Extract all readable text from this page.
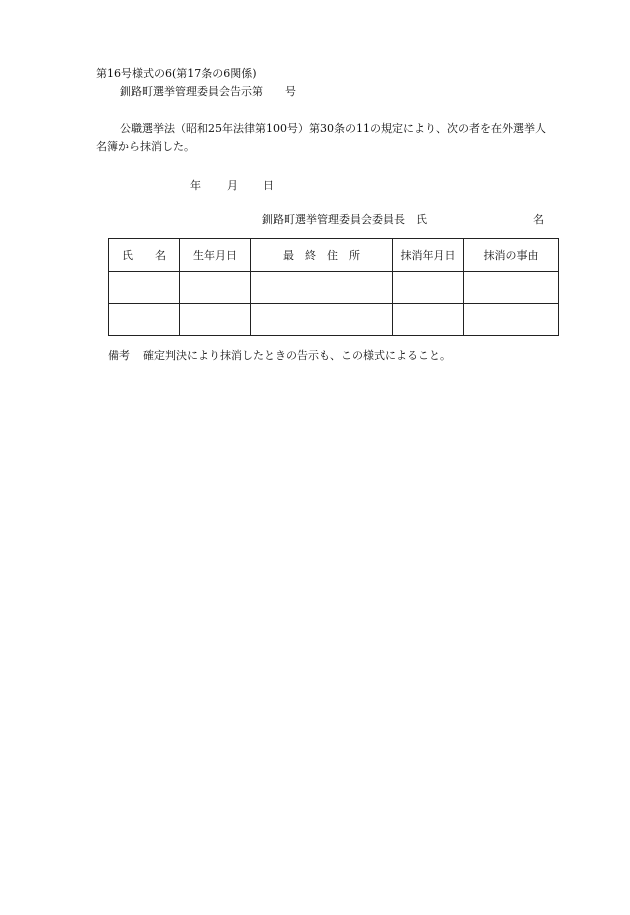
第16号様式の6(第17条の6関係)
釧路町選挙管理委員会告示第　　号
公職選挙法（昭和25年法律第100号）第30条の11の規定により、次の者を在外選挙人
名簿から抹消した。
年 月 日
釧路町選挙管理委員会委員長　氏	名
氏　　名	生年月日	最　終　住　所	抹消年月日	抹消の事由

備考 確定判決により抹消したときの告示も、この様式によること。
